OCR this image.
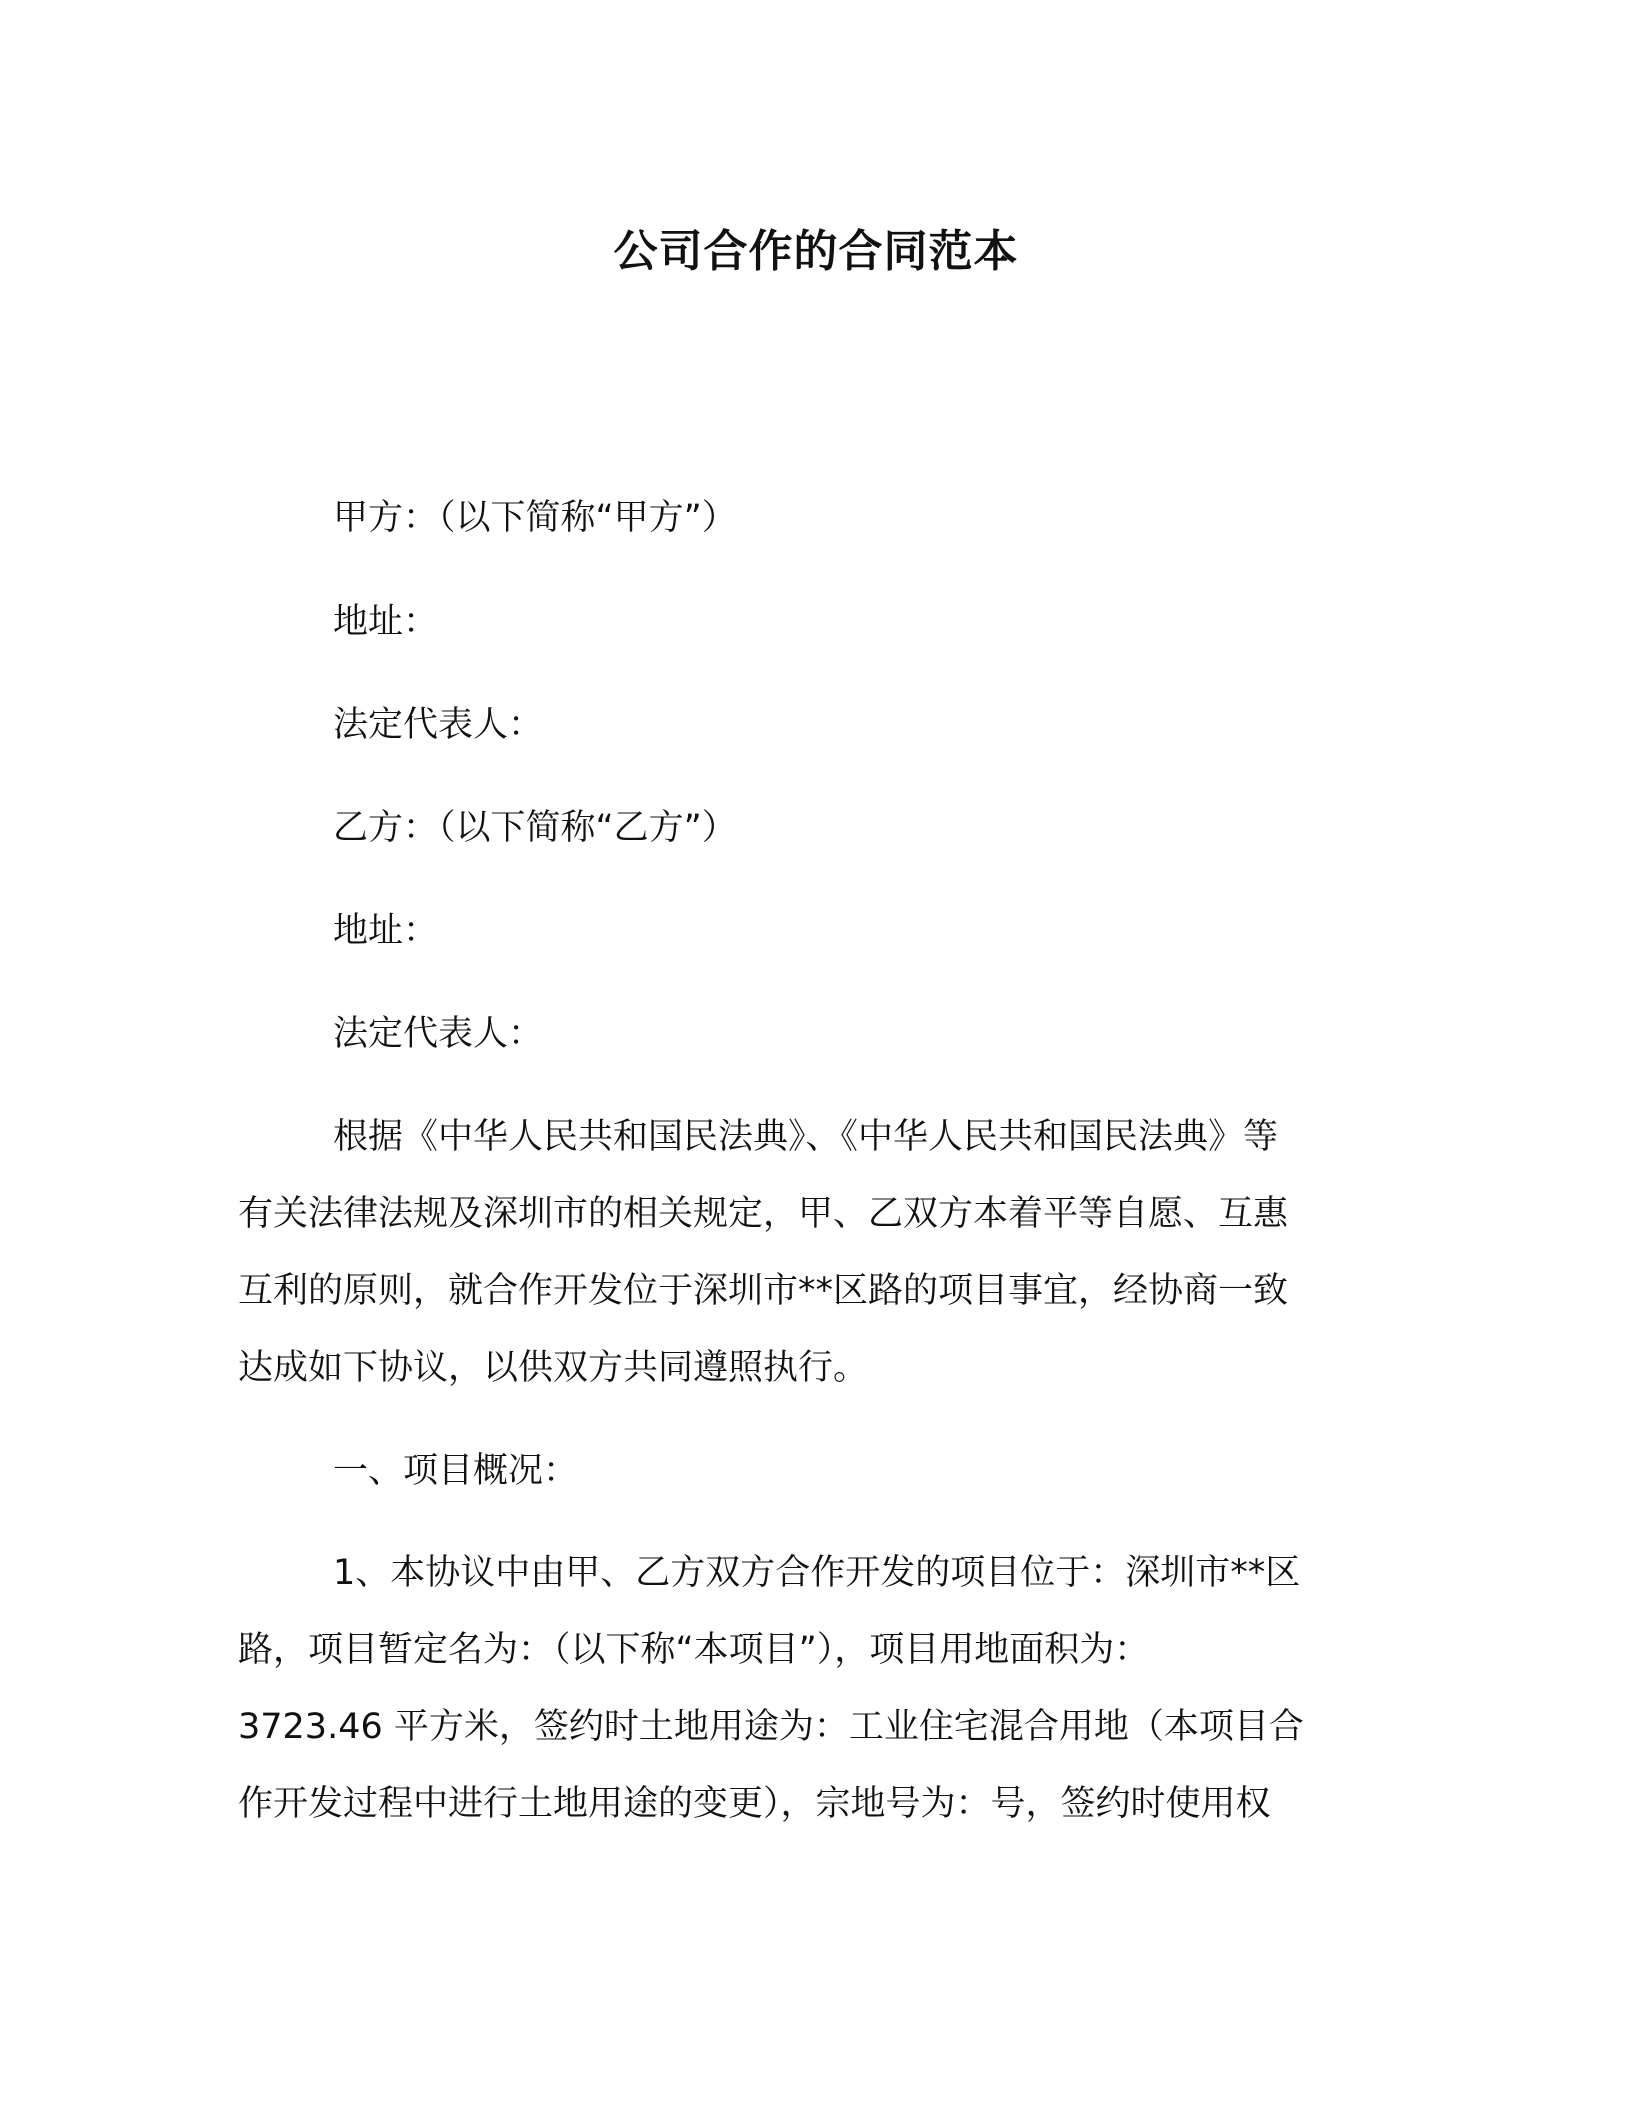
公司合作的合同范本
甲方：（以下简称“甲方”）
地址：
法定代表人：
乙方：（以下简称“乙方”）
地址：
法定代表人：
根据《中华人民共和国民法典》、《中华人民共和国民法典》等
有关法律法规及深圳市的相关规定，甲、乙双方本着平等自愿、互惠
互利的原则，就合作开发位于深圳市**区路的项目事宜，经协商一致
达成如下协议，以供双方共同遵照执行。
一、项目概况：
1、本协议中由甲、乙方双方合作开发的项目位于：深圳市**区
路，项目暂定名为：（以下称“本项目”），项目用地面积为：
3723.46 平方米，签约时土地用途为：工业住宅混合用地（本项目合
作开发过程中进行土地用途的变更），宗地号为：号，签约时使用权
